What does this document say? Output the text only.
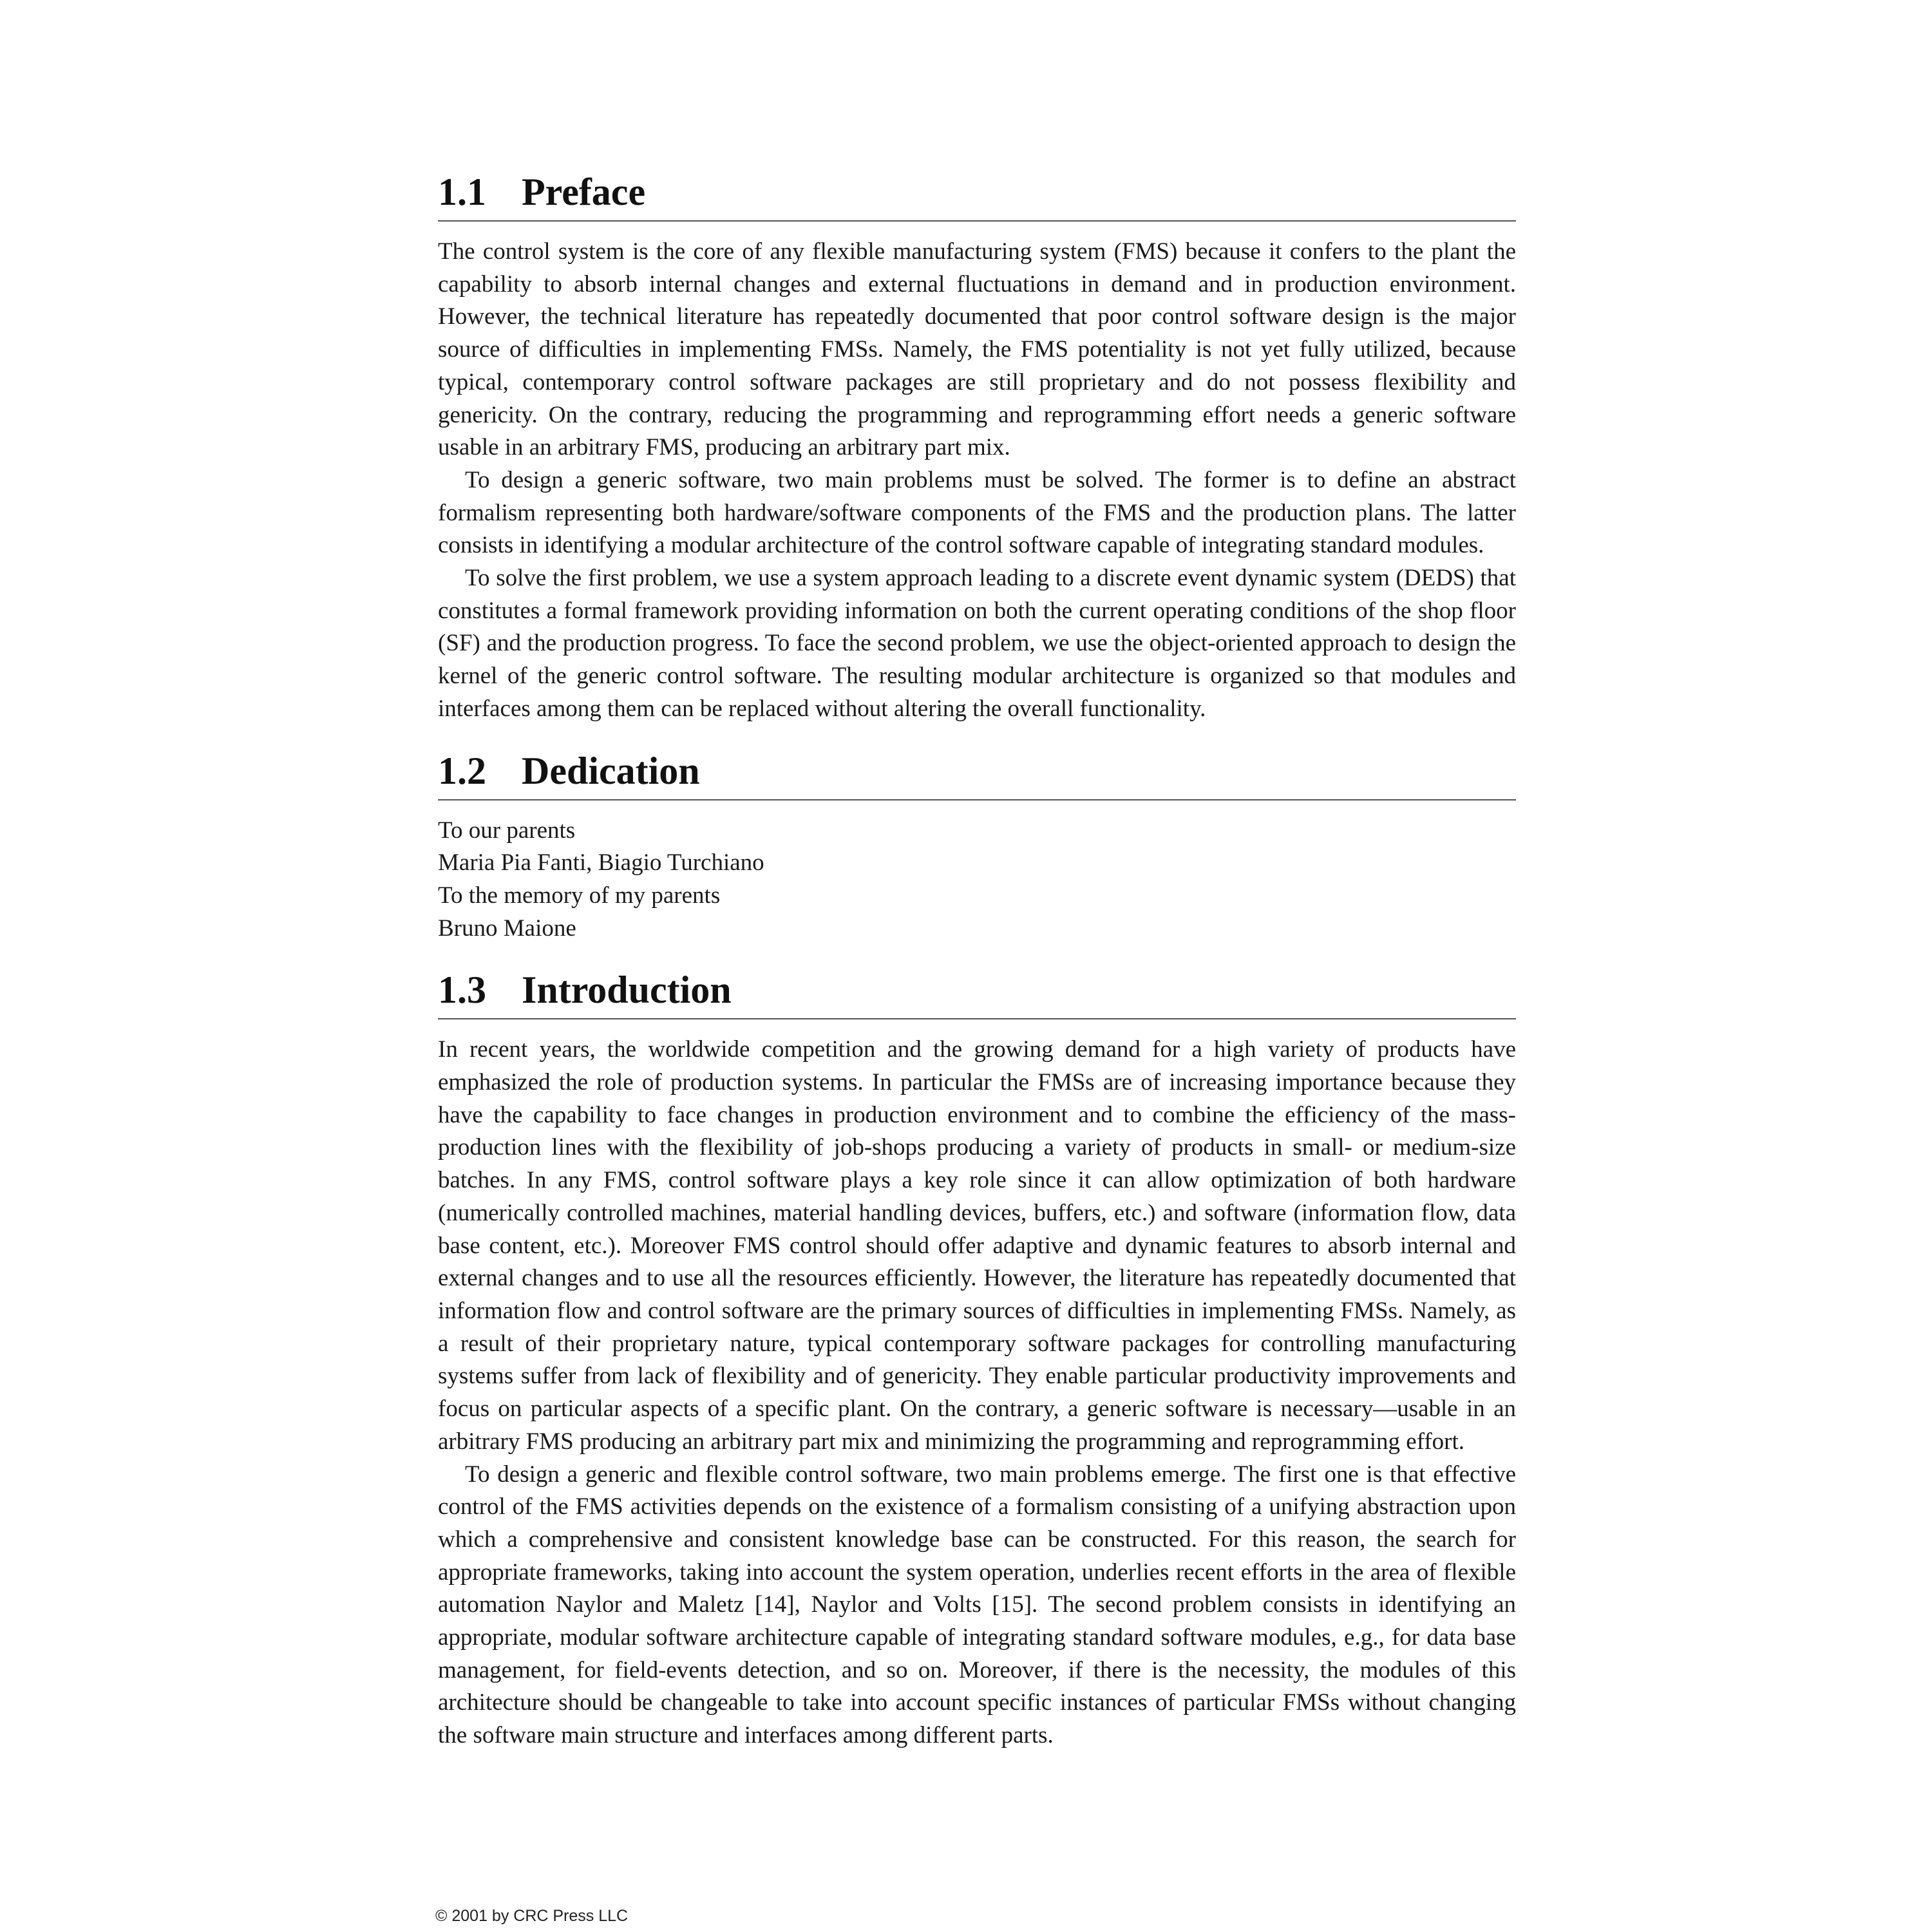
1.1 Preface

The control system is the core of any flexible manufacturing system (FMS) because it confers to the plant the capability to absorb internal changes and external fluctuations in demand and in production environment. However, the technical literature has repeatedly documented that poor control software design is the major source of difficulties in implementing FMSs. Namely, the FMS potentiality is not yet fully utilized, because typical, contemporary control software packages are still proprietary and do not possess flexibility and genericity. On the contrary, reducing the programming and reprogramming effort needs a generic software usable in an arbitrary FMS, producing an arbitrary part mix.

To design a generic software, two main problems must be solved. The former is to define an abstract formalism representing both hardware/software components of the FMS and the production plans. The latter consists in identifying a modular architecture of the control software capable of integrating standard modules.

To solve the first problem, we use a system approach leading to a discrete event dynamic system (DEDS) that constitutes a formal framework providing information on both the current operating conditions of the shop floor (SF) and the production progress. To face the second problem, we use the object-oriented approach to design the kernel of the generic control software. The resulting modular architecture is organized so that modules and interfaces among them can be replaced without altering the overall functionality.

1.2 Dedication

To our parents

Maria Pia Fanti, Biagio Turchiano

To the memory of my parents

Bruno Maione

1.3 Introduction

In recent years, the worldwide competition and the growing demand for a high variety of products have emphasized the role of production systems. In particular the FMSs are of increasing importance because they have the capability to face changes in production environment and to combine the efficiency of the mass-production lines with the flexibility of job-shops producing a variety of products in small- or medium-size batches. In any FMS, control software plays a key role since it can allow optimization of both hardware (numerically controlled machines, material handling devices, buffers, etc.) and software (information flow, data base content, etc.). Moreover FMS control should offer adaptive and dynamic features to absorb internal and external changes and to use all the resources efficiently. However, the literature has repeatedly documented that information flow and control software are the primary sources of difficulties in implementing FMSs. Namely, as a result of their proprietary nature, typical contemporary software packages for controlling manufacturing systems suffer from lack of flexibility and of genericity. They enable particular productivity improvements and focus on particular aspects of a specific plant. On the contrary, a generic software is necessary—usable in an arbitrary FMS producing an arbitrary part mix and minimizing the programming and reprogramming effort.

To design a generic and flexible control software, two main problems emerge. The first one is that effective control of the FMS activities depends on the existence of a formalism consisting of a unifying abstraction upon which a comprehensive and consistent knowledge base can be constructed. For this reason, the search for appropriate frameworks, taking into account the system operation, underlies recent efforts in the area of flexible automation Naylor and Maletz [14], Naylor and Volts [15]. The second problem consists in identifying an appropriate, modular software architecture capable of integrating standard software modules, e.g., for data base management, for field-events detection, and so on. Moreover, if there is the necessity, the modules of this architecture should be changeable to take into account specific instances of particular FMSs without changing the software main structure and interfaces among different parts.

© 2001 by CRC Press LLC
